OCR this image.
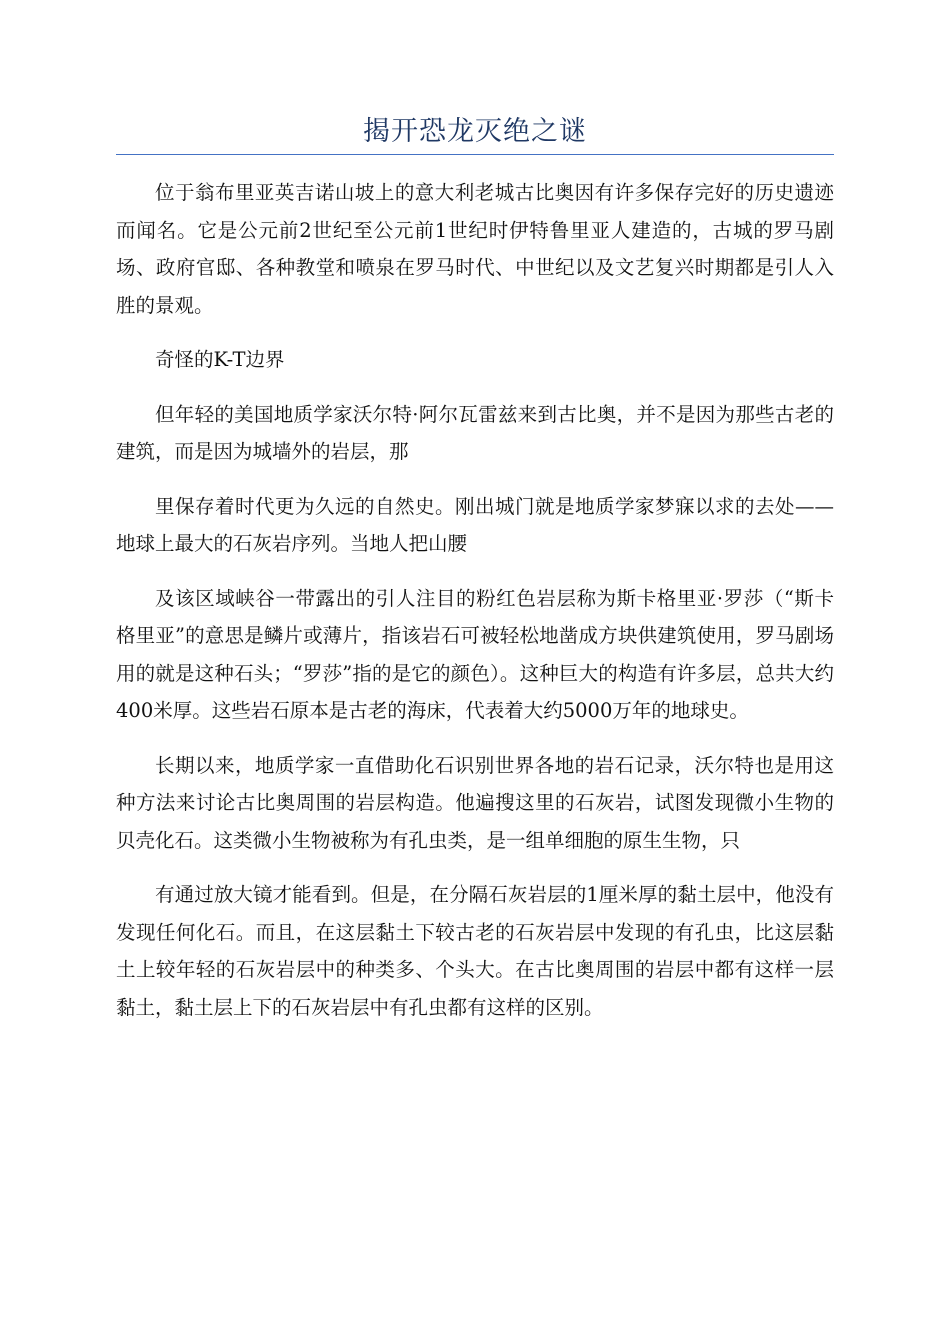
揭开恐龙灭绝之谜

位于翁布里亚英吉诺山坡上的意大利老城古比奥因有许多保存完好的历史遗迹而闻名。它是公元前2世纪至公元前1世纪时伊特鲁里亚人建造的，古城的罗马剧场、政府官邸、各种教堂和喷泉在罗马时代、中世纪以及文艺复兴时期都是引人入胜的景观。

奇怪的K-T边界

但年轻的美国地质学家沃尔特·阿尔瓦雷兹来到古比奥，并不是因为那些古老的建筑，而是因为城墙外的岩层，那

里保存着时代更为久远的自然史。刚出城门就是地质学家梦寐以求的去处——地球上最大的石灰岩序列。当地人把山腰

及该区域峡谷一带露出的引人注目的粉红色岩层称为斯卡格里亚·罗莎（“斯卡格里亚”的意思是鳞片或薄片，指该岩石可被轻松地凿成方块供建筑使用，罗马剧场用的就是这种石头；“罗莎”指的是它的颜色）。这种巨大的构造有许多层，总共大约400米厚。这些岩石原本是古老的海床，代表着大约5000万年的地球史。

长期以来，地质学家一直借助化石识别世界各地的岩石记录，沃尔特也是用这种方法来讨论古比奥周围的岩层构造。他遍搜这里的石灰岩，试图发现微小生物的贝壳化石。这类微小生物被称为有孔虫类，是一组单细胞的原生生物，只

有通过放大镜才能看到。但是，在分隔石灰岩层的1厘米厚的黏土层中，他没有发现任何化石。而且，在这层黏土下较古老的石灰岩层中发现的有孔虫，比这层黏土上较年轻的石灰岩层中的种类多、个头大。在古比奥周围的岩层中都有这样一层黏土，黏土层上下的石灰岩层中有孔虫都有这样的区别。
